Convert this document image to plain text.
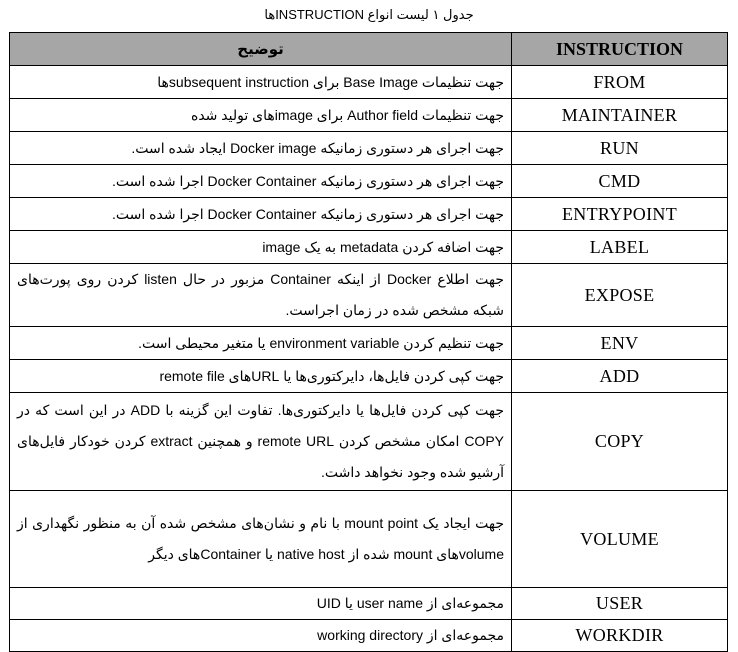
جدول ۱ لیست انواع INSTRUCTIONها
توضیح	INSTRUCTION
جهت تنظیمات Base Image برای subsequent instructionها	FROM
جهت تنظیمات Author field برای imageهای تولید شده	MAINTAINER
جهت اجرای هر دستوری زمانیکه Docker image ایجاد شده است.	RUN
جهت اجرای هر دستوری زمانیکه Docker Container اجرا شده است.	CMD
جهت اجرای هر دستوری زمانیکه Docker Container اجرا شده است.	ENTRYPOINT
جهت اضافه کردن metadata به یک image	LABEL
جهت اطلاع Docker از اینکه Container مزبور در حال listen کردن روی پورت‌های شبکه مشخص شده در زمان اجراست.	EXPOSE
جهت تنظیم کردن environment variable یا متغیر محیطی است.	ENV
جهت کپی کردن فایل‌ها، دایرکتوری‌ها یا URLهای remote file	ADD
جهت کپی کردن فایل‌ها یا دایرکتوری‌ها. تفاوت این گزینه با ADD در این است که در COPY امکان مشخص کردن remote URL و همچنین extract کردن خودکار فایل‌های آرشیو شده وجود نخواهد داشت.	COPY
جهت ایجاد یک mount point با نام و نشان‌های مشخص شده آن به منظور نگهداری از volumeهای mount شده از native host یا Containerهای دیگر	VOLUME
مجموعه‌ای از user name یا UID	USER
مجموعه‌ای از working directory	WORKDIR
